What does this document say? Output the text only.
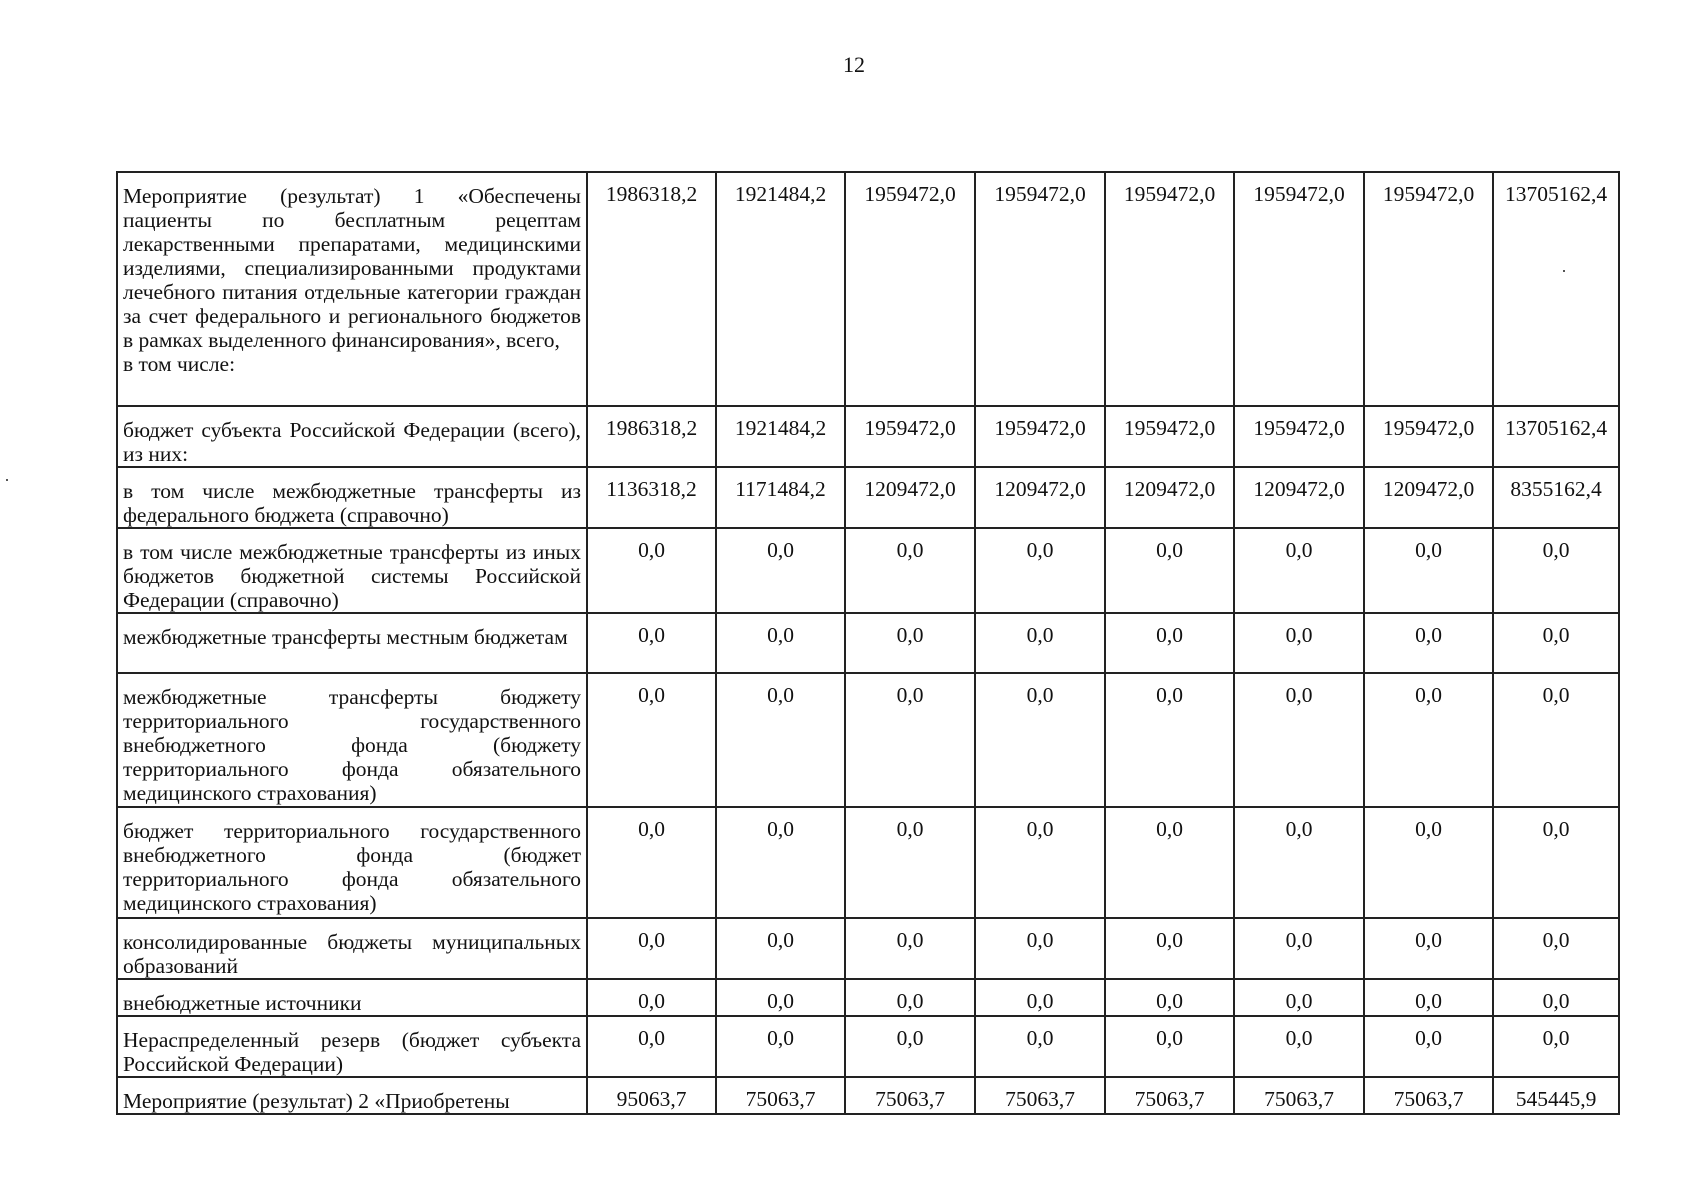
12
Мероприятие (результат) 1 «Обеспечены пациенты по бесплатным рецептам лекарственными препаратами, медицинскими изделиями, специализированными продуктами лечебного питания отдельные категории граждан за счет федерального и регионального бюджетов в рамках выделенного финансирования», всего,
в том числе:	1986318,2	1921484,2	1959472,0	1959472,0	1959472,0	1959472,0	1959472,0	13705162,4

бюджет субъекта Российской Федерации (всего), из них:	1986318,2	1921484,2	1959472,0	1959472,0	1959472,0	1959472,0	1959472,0	13705162,4

в том числе межбюджетные трансферты из федерального бюджета (справочно)	1136318,2	1171484,2	1209472,0	1209472,0	1209472,0	1209472,0	1209472,0	8355162,4

в том числе межбюджетные трансферты из иных бюджетов бюджетной системы Российской Федерации (справочно)	0,0	0,0	0,0	0,0	0,0	0,0	0,0	0,0

межбюджетные трансферты местным бюджетам	0,0	0,0	0,0	0,0	0,0	0,0	0,0	0,0

межбюджетные трансферты бюджету территориального государственного внебюджетного фонда (бюджету территориального фонда обязательного медицинского страхования)	0,0	0,0	0,0	0,0	0,0	0,0	0,0	0,0

бюджет территориального государственного внебюджетного фонда (бюджет территориального фонда обязательного медицинского страхования)	0,0	0,0	0,0	0,0	0,0	0,0	0,0	0,0

консолидированные бюджеты муниципальных образований	0,0	0,0	0,0	0,0	0,0	0,0	0,0	0,0

внебюджетные источники	0,0	0,0	0,0	0,0	0,0	0,0	0,0	0,0

Нераспределенный резерв (бюджет субъекта Российской Федерации)	0,0	0,0	0,0	0,0	0,0	0,0	0,0	0,0

Мероприятие (результат) 2 «Приобретены	95063,7	75063,7	75063,7	75063,7	75063,7	75063,7	75063,7	545445,9
